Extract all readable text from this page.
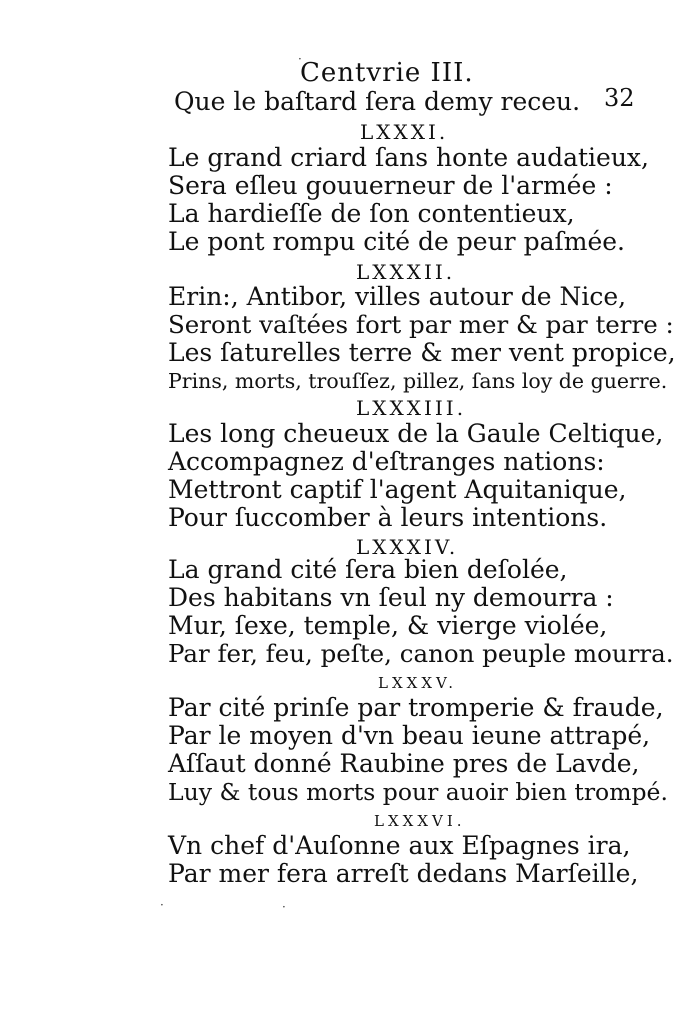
Centvrie III.
32
Que le baſtard ſera demy receu.
LXXXI.
Le grand criard ſans honte audatieux,
Sera eſleu gouuerneur de l'armée :
La hardieſſe de ſon contentieux,
Le pont rompu cité de peur paſmée.
LXXXII.
Erin:, Antibor, villes autour de Nice,
Seront vaſtées fort par mer & par terre :
Les ſaturelles terre & mer vent propice,
Prins, morts, trouſſez, pillez, ſans loy de guerre.
LXXXIII.
Les long cheueux de la Gaule Celtique,
Accompagnez d'eſtranges nations:
Mettront captif l'agent Aquitanique,
Pour ſuccomber à leurs intentions.
LXXXIV.
La grand cité ſera bien deſolée,
Des habitans vn ſeul ny demourra :
Mur, ſexe, temple, & vierge violée,
Par fer, feu, peſte, canon peuple mourra.
LXXXV.
Par cité prinſe par tromperie & fraude,
Par le moyen d'vn beau ieune attrapé,
Aſſaut donné Raubine pres de Lavde,
Luy & tous morts pour auoir bien trompé.
LXXXVI.
Vn chef d'Auſonne aux Eſpagnes ira,
Par mer fera arreſt dedans Marſeille,
·
·	·
